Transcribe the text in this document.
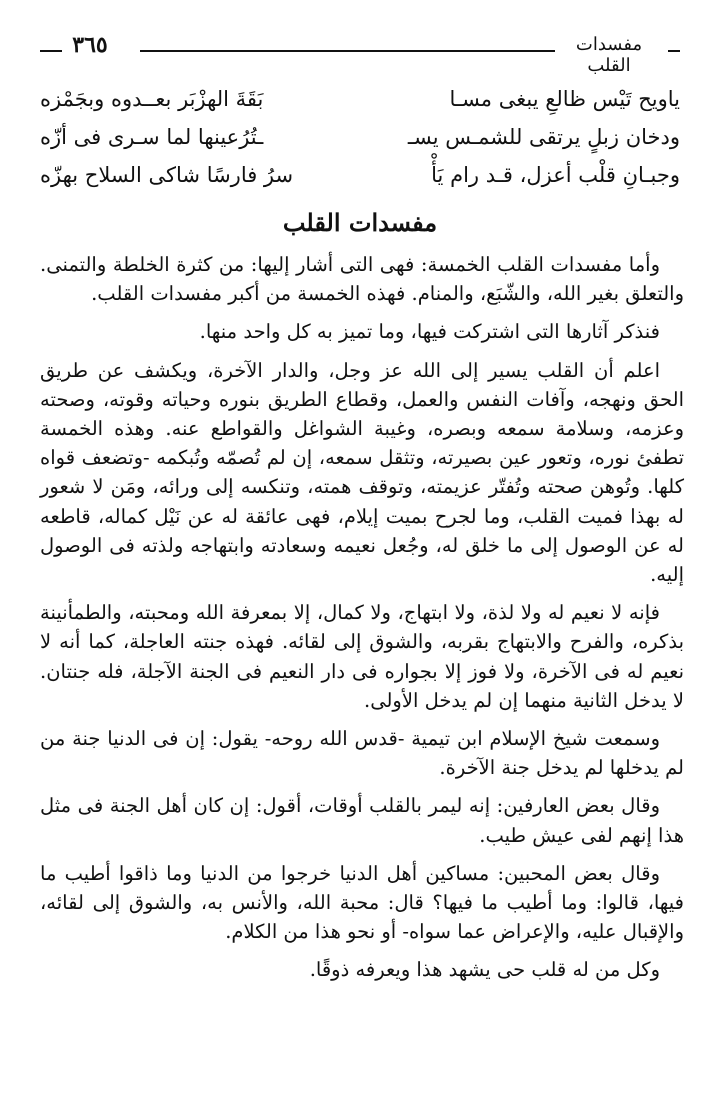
٣٦٥	مفسدات القلب
ياويح تَيْس ظالعِ يبغى مسـا
بَقَةَ الهزْبَر بعــدوه وبجَمْزه
ودخان زبلٍ يرتقى للشمـس يسـ
ـتُرُعينها لما سـرى فى أزّه
وجبـانِ قلْب أعزل، قـد رام يَأْ
سرُ فارسًا شاكى السلاح بهزّه
مفسدات القلب

وأما مفسدات القلب الخمسة: فهى التى أشار إليها: من كثرة الخلطة والتمنى. والتعلق بغير الله، والشّبَع، والمنام. فهذه الخمسة من أكبر مفسدات القلب.

فنذكر آثارها التى اشتركت فيها، وما تميز به كل واحد منها.

اعلم أن القلب يسير إلى الله عز وجل، والدار الآخرة، ويكشف عن طريق الحق ونهجه، وآفات النفس والعمل، وقطاع الطريق بنوره وحياته وقوته، وصحته وعزمه، وسلامة سمعه وبصره، وغيبة الشواغل والقواطع عنه. وهذه الخمسة تطفئ نوره، وتعور عين بصيرته، وتثقل سمعه، إن لم تُصمّه وتُبكمه -وتضعف قواه كلها. وتُوهن صحته وتُفتّر عزيمته، وتوقف همته، وتنكسه إلى ورائه، ومَن لا شعور له بهذا فميت القلب، وما لجرح بميت إيلام، فهى عائقة له عن نَيْل كماله، قاطعه له عن الوصول إلى ما خلق له، وجُعل نعيمه وسعادته وابتهاجه ولذته فى الوصول إليه.

فإنه لا نعيم له ولا لذة، ولا ابتهاج، ولا كمال، إلا بمعرفة الله ومحبته، والطمأنينة بذكره، والفرح والابتهاج بقربه، والشوق إلى لقائه. فهذه جنته العاجلة، كما أنه لا نعيم له فى الآخرة، ولا فوز إلا بجواره فى دار النعيم فى الجنة الآجلة، فله جنتان. لا يدخل الثانية منهما إن لم يدخل الأولى.

وسمعت شيخ الإسلام ابن تيمية -قدس الله روحه- يقول: إن فى الدنيا جنة من لم يدخلها لم يدخل جنة الآخرة.

وقال بعض العارفين: إنه ليمر بالقلب أوقات، أقول: إن كان أهل الجنة فى مثل هذا إنهم لفى عيش طيب.

وقال بعض المحبين: مساكين أهل الدنيا خرجوا من الدنيا وما ذاقوا أطيب ما فيها، قالوا: وما أطيب ما فيها؟ قال: محبة الله، والأنس به، والشوق إلى لقائه، والإقبال عليه، والإعراض عما سواه- أو نحو هذا من الكلام.

وكل من له قلب حى يشهد هذا ويعرفه ذوقًا.
